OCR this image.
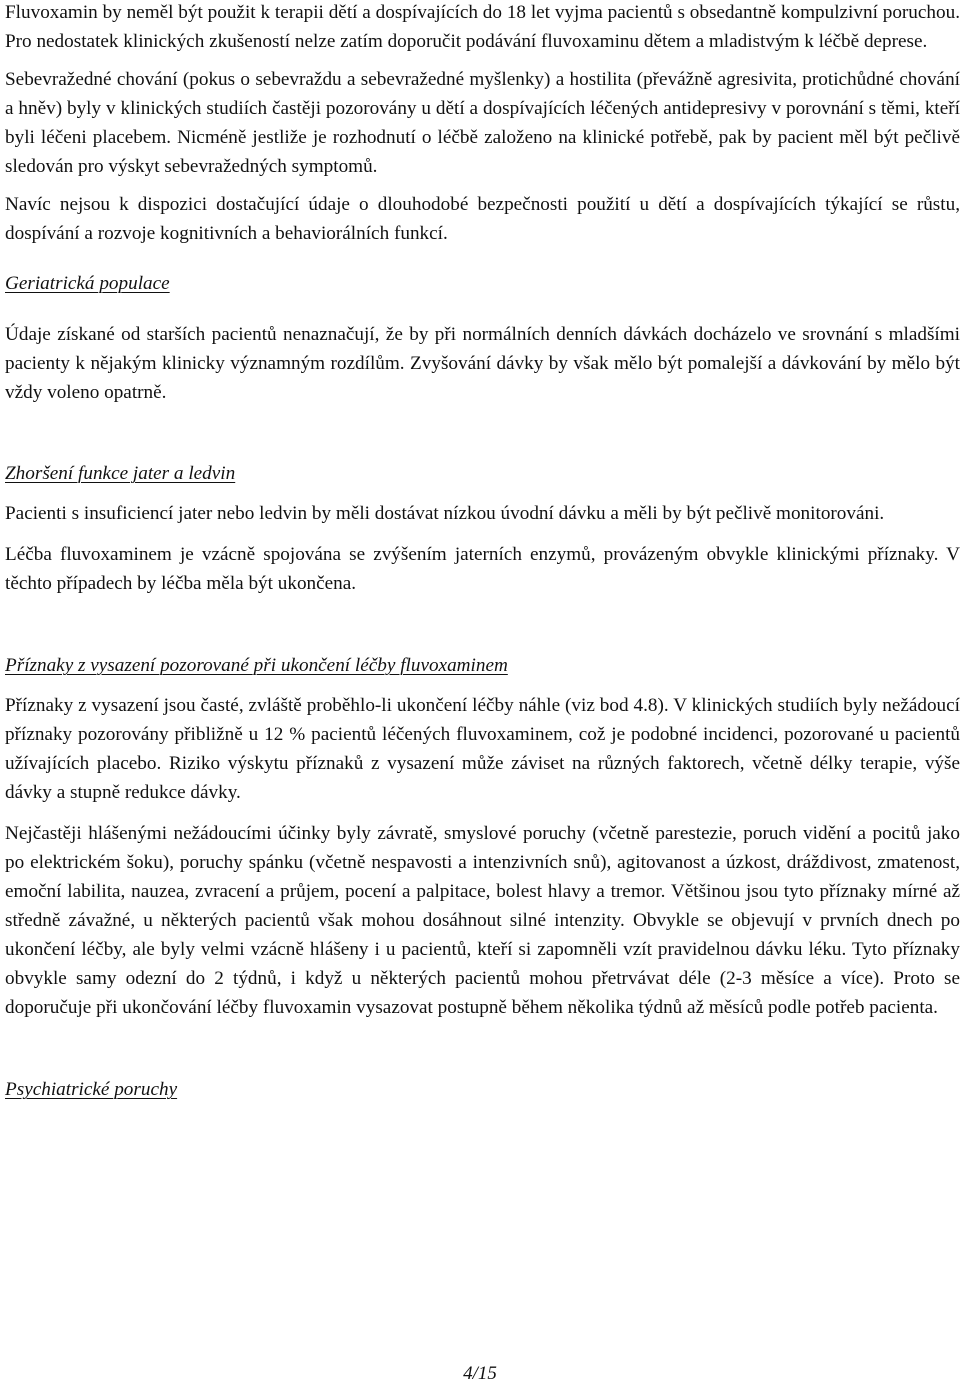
Fluvoxamin by neměl být použit k terapii dětí a dospívajících do 18 let vyjma pacientů s obsedantně kompulzivní poruchou. Pro nedostatek klinických zkušeností nelze zatím doporučit podávání fluvoxaminu dětem a mladistvým k léčbě deprese.

Sebevražedné chování (pokus o sebevraždu a sebevražedné myšlenky) a hostilita (převážně agresivita, protichůdné chování a hněv) byly v klinických studiích častěji pozorovány u dětí a dospívajících léčených antidepresivy v porovnání s těmi, kteří byli léčeni placebem. Nicméně jestliže je rozhodnutí o léčbě založeno na klinické potřebě, pak by pacient měl být pečlivě sledován pro výskyt sebevražedných symptomů.

Navíc nejsou k dispozici dostačující údaje o dlouhodobé bezpečnosti použití u dětí a dospívajících týkající se růstu, dospívání a rozvoje kognitivních a behaviorálních funkcí.

Geriatrická populace

Údaje získané od starších pacientů nenaznačují, že by při normálních denních dávkách docházelo ve srovnání s mladšími pacienty k nějakým klinicky významným rozdílům. Zvyšování dávky by však mělo být pomalejší a dávkování by mělo být vždy voleno opatrně.

Zhoršení funkce jater a ledvin

Pacienti s insuficiencí jater nebo ledvin by měli dostávat nízkou úvodní dávku a měli by být pečlivě monitorováni.

Léčba fluvoxaminem je vzácně spojována se zvýšením jaterních enzymů, provázeným obvykle klinickými příznaky. V těchto případech by léčba měla být ukončena.

Příznaky z vysazení pozorované při ukončení léčby fluvoxaminem

Příznaky z vysazení jsou časté, zvláště proběhlo-li ukončení léčby náhle (viz bod 4.8). V klinických studiích byly nežádoucí příznaky pozorovány přibližně u 12 % pacientů léčených fluvoxaminem, což je podobné incidenci, pozorované u pacientů užívajících placebo. Riziko výskytu příznaků z vysazení může záviset na různých faktorech, včetně délky terapie, výše dávky a stupně redukce dávky.

Nejčastěji hlášenými nežádoucími účinky byly závratě, smyslové poruchy (včetně parestezie, poruch vidění a pocitů jako po elektrickém šoku), poruchy spánku (včetně nespavosti a intenzivních snů), agitovanost a úzkost, dráždivost, zmatenost, emoční labilita, nauzea, zvracení a průjem, pocení a palpitace, bolest hlavy a tremor. Většinou jsou tyto příznaky mírné až středně závažné, u některých pacientů však mohou dosáhnout silné intenzity. Obvykle se objevují v prvních dnech po ukončení léčby, ale byly velmi vzácně hlášeny i u pacientů, kteří si zapomněli vzít pravidelnou dávku léku. Tyto příznaky obvykle samy odezní do 2 týdnů, i když u některých pacientů mohou přetrvávat déle (2-3 měsíce a více). Proto se doporučuje při ukončování léčby fluvoxamin vysazovat postupně během několika týdnů až měsíců podle potřeb pacienta.

Psychiatrické poruchy

4/15
